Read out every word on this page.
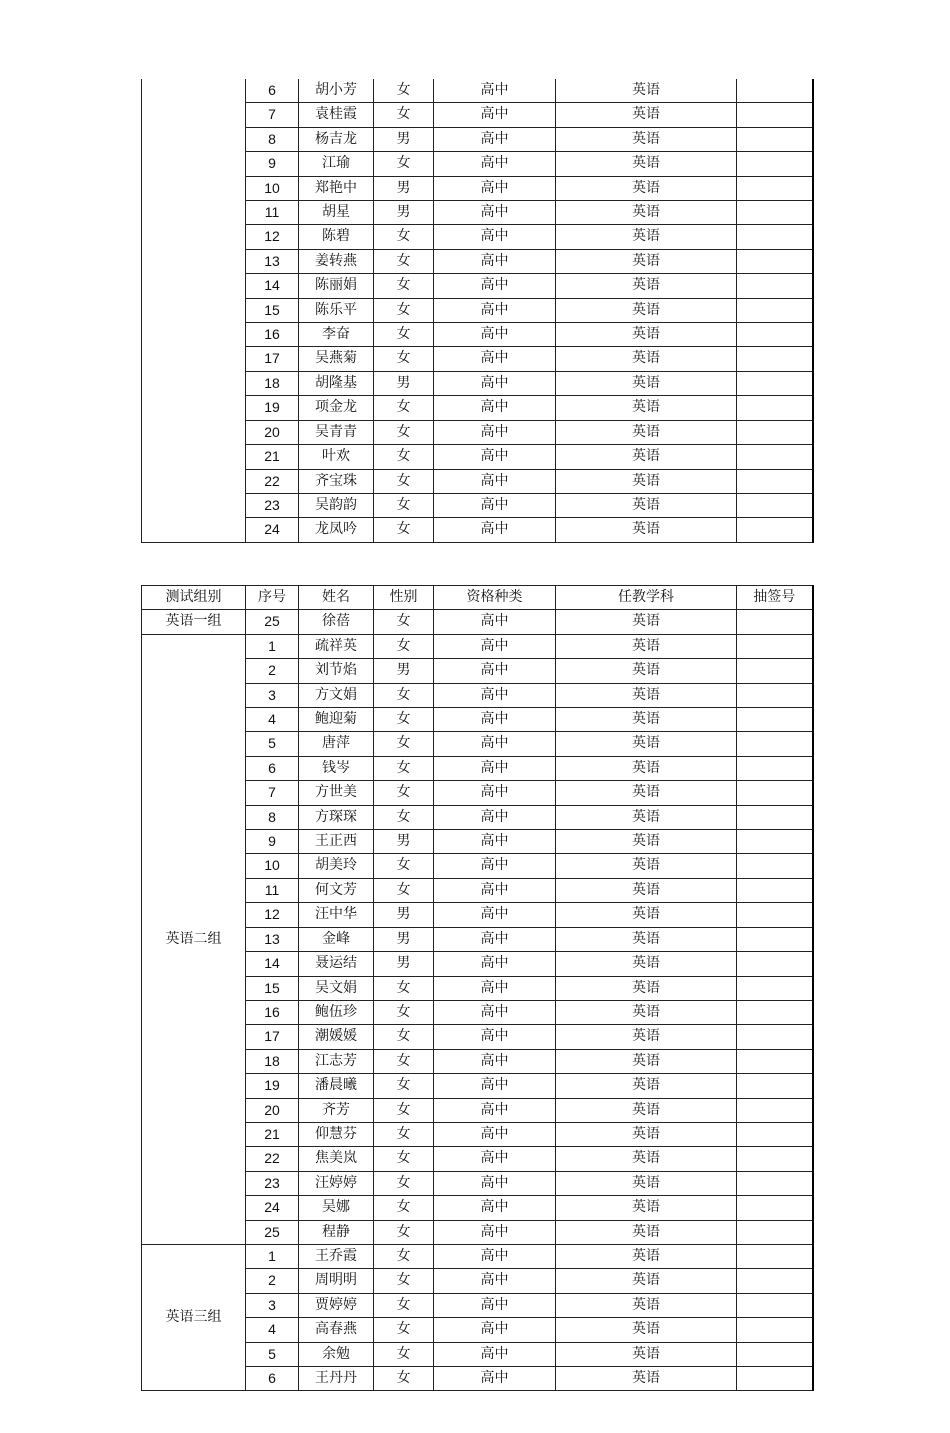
	6	胡小芳	女	高中	英语	
	7	袁桂霞	女	高中	英语	
	8	杨吉龙	男	高中	英语	
	9	江瑜	女	高中	英语	
	10	郑艳中	男	高中	英语	
	11	胡星	男	高中	英语	
	12	陈碧	女	高中	英语	
	13	姜转燕	女	高中	英语	
	14	陈丽娟	女	高中	英语	
	15	陈乐平	女	高中	英语	
	16	李奋	女	高中	英语	
	17	吴燕菊	女	高中	英语	
	18	胡隆基	男	高中	英语	
	19	项金龙	女	高中	英语	
	20	吴青青	女	高中	英语	
	21	叶欢	女	高中	英语	
	22	齐宝珠	女	高中	英语	
	23	吴韵韵	女	高中	英语	
	24	龙凤吟	女	高中	英语	
测试组别	序号	姓名	性别	资格种类	任教学科	抽签号
英语一组	25	徐蓓	女	高中	英语	
英语二组	1	疏祥英	女	高中	英语	
	2	刘节焰	男	高中	英语	
	3	方文娟	女	高中	英语	
	4	鲍迎菊	女	高中	英语	
	5	唐萍	女	高中	英语	
	6	钱岑	女	高中	英语	
	7	方世美	女	高中	英语	
	8	方琛琛	女	高中	英语	
	9	王正西	男	高中	英语	
	10	胡美玲	女	高中	英语	
	11	何文芳	女	高中	英语	
	12	汪中华	男	高中	英语	
	13	金峰	男	高中	英语	
	14	聂运结	男	高中	英语	
	15	吴文娟	女	高中	英语	
	16	鲍伍珍	女	高中	英语	
	17	潮媛媛	女	高中	英语	
	18	江志芳	女	高中	英语	
	19	潘晨曦	女	高中	英语	
	20	齐芳	女	高中	英语	
	21	仰慧芬	女	高中	英语	
	22	焦美岚	女	高中	英语	
	23	汪婷婷	女	高中	英语	
	24	吴娜	女	高中	英语	
	25	程静	女	高中	英语	
英语三组	1	王乔霞	女	高中	英语	
	2	周明明	女	高中	英语	
	3	贾婷婷	女	高中	英语	
	4	高春燕	女	高中	英语	
	5	余勉	女	高中	英语	
	6	王丹丹	女	高中	英语	
